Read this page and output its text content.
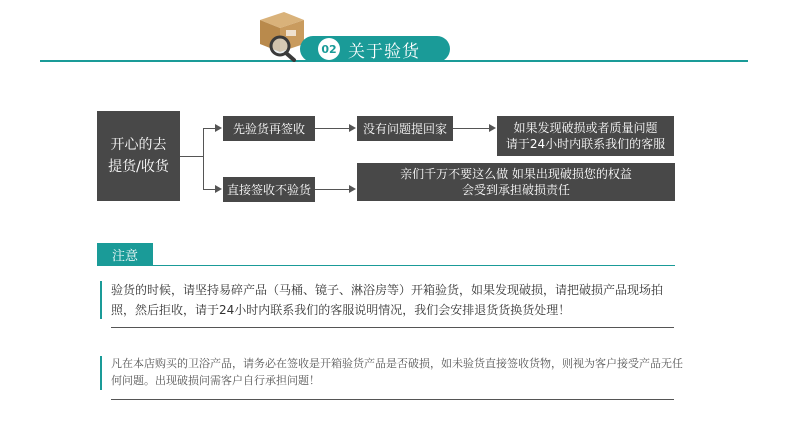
02 关于验货
开心的去
提货/收货
先验货再签收	没有问题提回家	如果发现破损或者质量问题
请于24小时内联系我们的客服
直接签收不验货
亲们千万不要这么做 如果出现破损您的权益
会受到承担破损责任
注意
验货的时候，请坚持易碎产品（马桶、镜子、淋浴房等）开箱验货，如果发现破损，请把破损产品现场拍照，然后拒收，请于24小时内联系我们的客服说明情况，我们会安排退货货换货处理！
凡在本店购买的卫浴产品，请务必在签收是开箱验货产品是否破损，如未验货直接签收货物，则视为客户接受产品无任何问题。出现破损问需客户自行承担问题！
